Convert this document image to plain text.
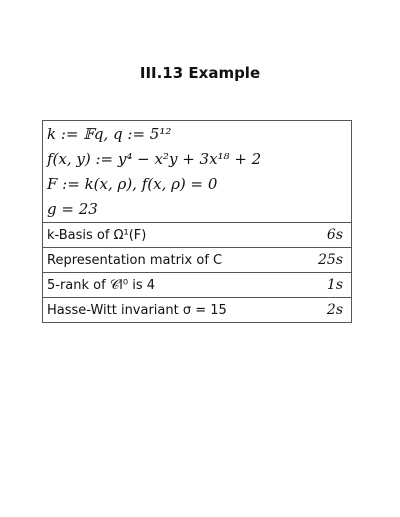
III.13 Example
k := 𝔽q, q := 5¹²
f(x, y) := y⁴ − x²y + 3x¹⁸ + 2
F := k(x, ρ), f(x, ρ) = 0
g = 23
k-Basis of Ω¹(F)	6s
Representation matrix of C	25s
5-rank of 𝒞l⁰ is 4	1s
Hasse-Witt invariant σ = 15	2s
